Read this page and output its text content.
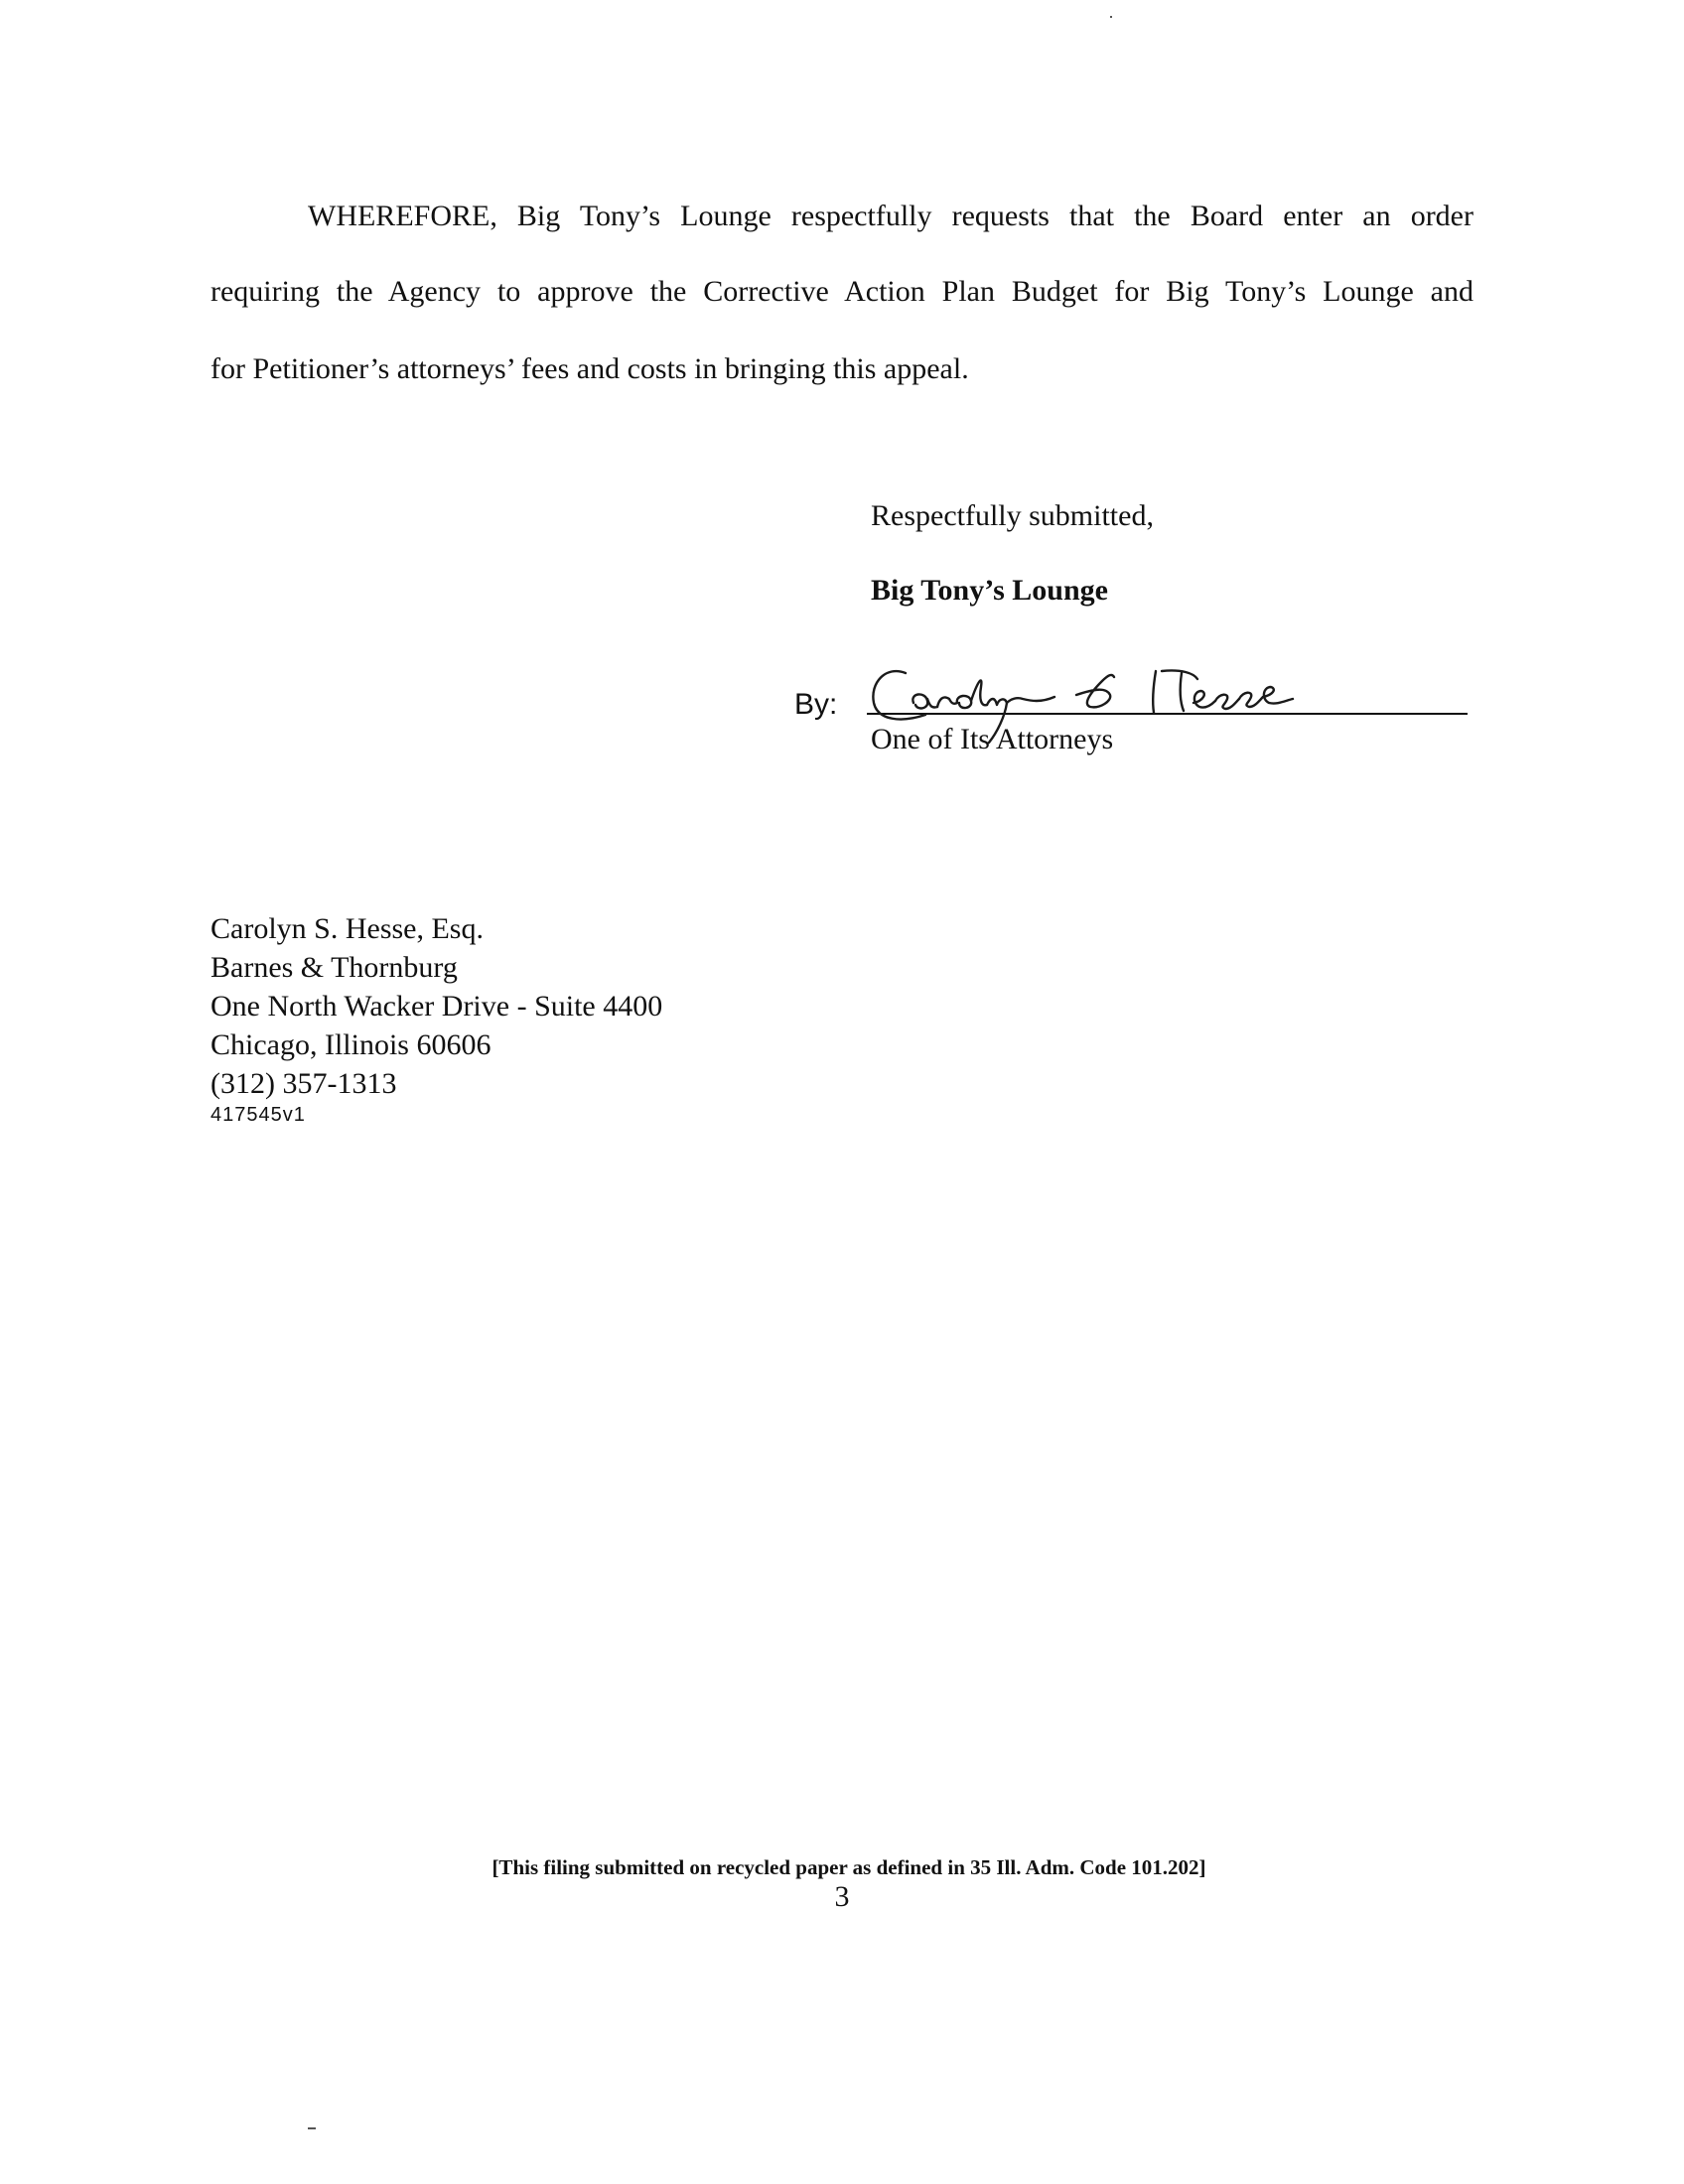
WHEREFORE, Big Tony’s Lounge respectfully requests that the Board enter an order
requiring the Agency to approve the Corrective Action Plan Budget for Big Tony’s Lounge and
for Petitioner’s attorneys’ fees and costs in bringing this appeal.
Respectfully submitted,
Big Tony’s Lounge
By:
One of Its Attorneys
Carolyn S. Hesse, Esq.
Barnes & Thornburg
One North Wacker Drive - Suite 4400
Chicago, Illinois 60606
(312) 357-1313
417545v1
[This filing submitted on recycled paper as defined in 35 Ill. Adm. Code 101.202]
3
